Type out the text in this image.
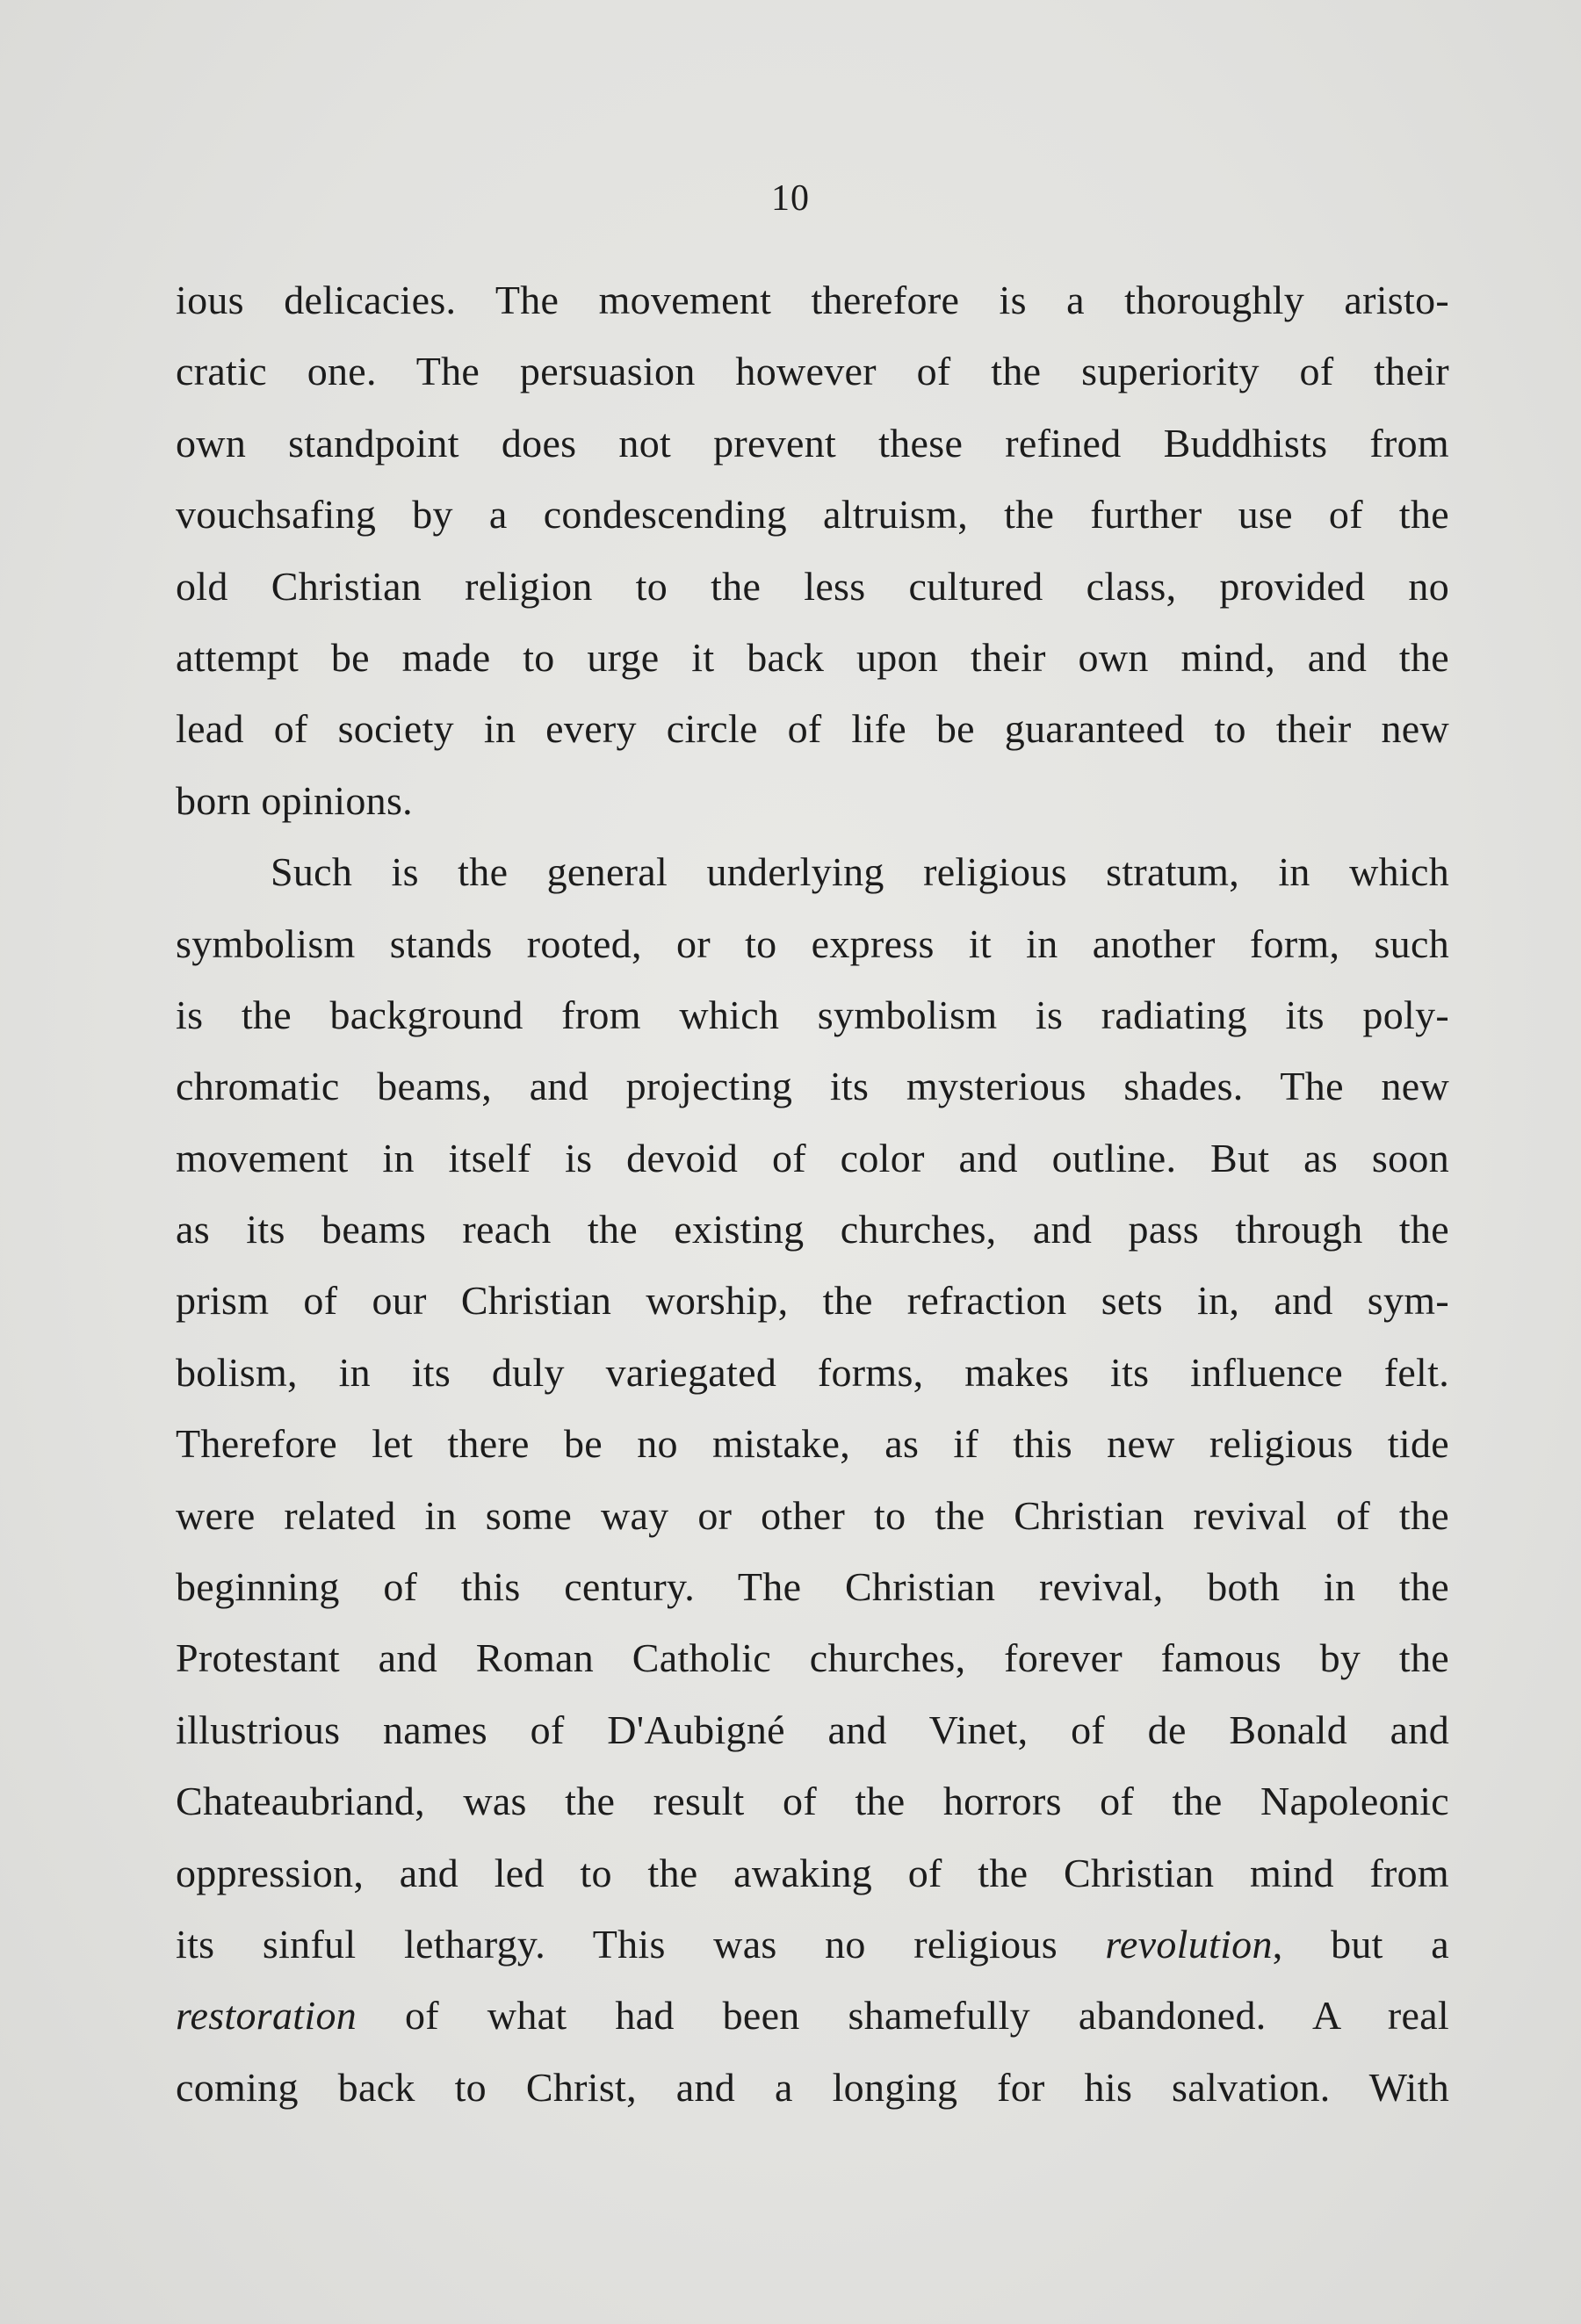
10
ious delicacies. The movement therefore is a thoroughly aristo-
cratic one. The persuasion however of the superiority of their
own standpoint does not prevent these refined Buddhists from
vouchsafing by a condescending altruism, the further use of the
old Christian religion to the less cultured class, provided no
attempt be made to urge it back upon their own mind, and the
lead of society in every circle of life be guaranteed to their new
born opinions.
Such is the general underlying religious stratum, in which
symbolism stands rooted, or to express it in another form, such
is the background from which symbolism is radiating its poly-
chromatic beams, and projecting its mysterious shades. The new
movement in itself is devoid of color and outline. But as soon
as its beams reach the existing churches, and pass through the
prism of our Christian worship, the refraction sets in, and sym-
bolism, in its duly variegated forms, makes its influence felt.
Therefore let there be no mistake, as if this new religious tide
were related in some way or other to the Christian revival of the
beginning of this century. The Christian revival, both in the
Protestant and Roman Catholic churches, forever famous by the
illustrious names of D'Aubigné and Vinet, of de Bonald and
Chateaubriand, was the result of the horrors of the Napoleonic
oppression, and led to the awaking of the Christian mind from
its sinful lethargy. This was no religious revolution, but a
restoration of what had been shamefully abandoned. A real
coming back to Christ, and a longing for his salvation. With
